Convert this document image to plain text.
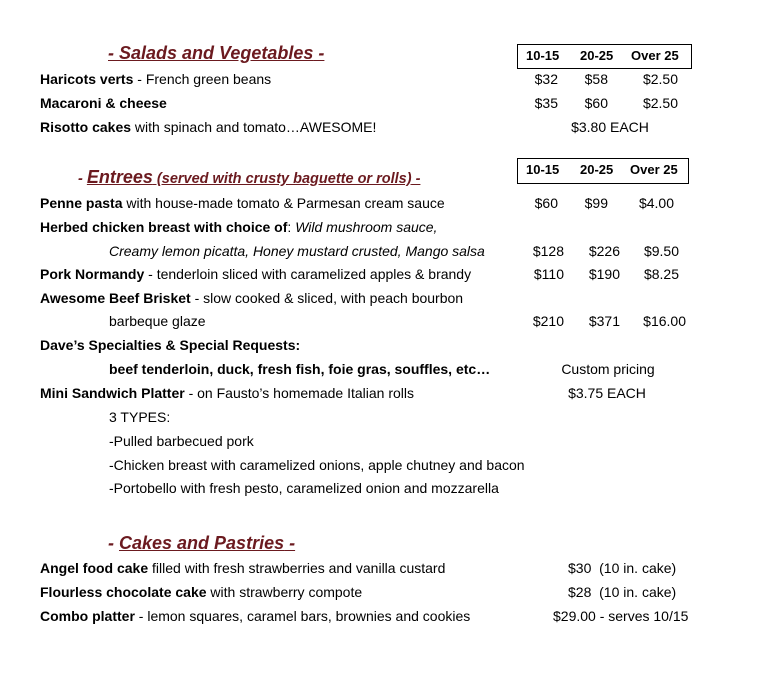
- Salads and Vegetables -	10-15 20-25 Over 25
Haricots verts - French green beans	$32	$58	$2.50
Macaroni & cheese	$35	$60	$2.50
Risotto cakes with spinach and tomato…AWESOME!	$3.80 EACH
- Entrees (served with crusty baguette or rolls) -
10-15 20-25 Over 25
Penne pasta with house-made tomato & Parmesan cream sauce	$60	$99	$4.00
Herbed chicken breast with choice of: Wild mushroom sauce,
Creamy lemon picatta, Honey mustard crusted, Mango salsa	$128	$226	$9.50
Pork Normandy - tenderloin sliced with caramelized apples & brandy	$110	$190	$8.25
Awesome Beef Brisket - slow cooked & sliced, with peach bourbon
barbeque glaze	$210	$371	$16.00
Dave’s Specialties & Special Requests:
beef tenderloin, duck, fresh fish, foie gras, souffles, etc…	Custom pricing
Mini Sandwich Platter - on Fausto’s homemade Italian rolls	$3.75 EACH
3 TYPES:
-Pulled barbecued pork
-Chicken breast with caramelized onions, apple chutney and bacon
-Portobello with fresh pesto, caramelized onion and mozzarella
- Cakes and Pastries -
Angel food cake filled with fresh strawberries and vanilla custard	$30  (10 in. cake)
Flourless chocolate cake with strawberry compote	$28  (10 in. cake)
Combo platter - lemon squares, caramel bars, brownies and cookies	$29.00 - serves 10/15
